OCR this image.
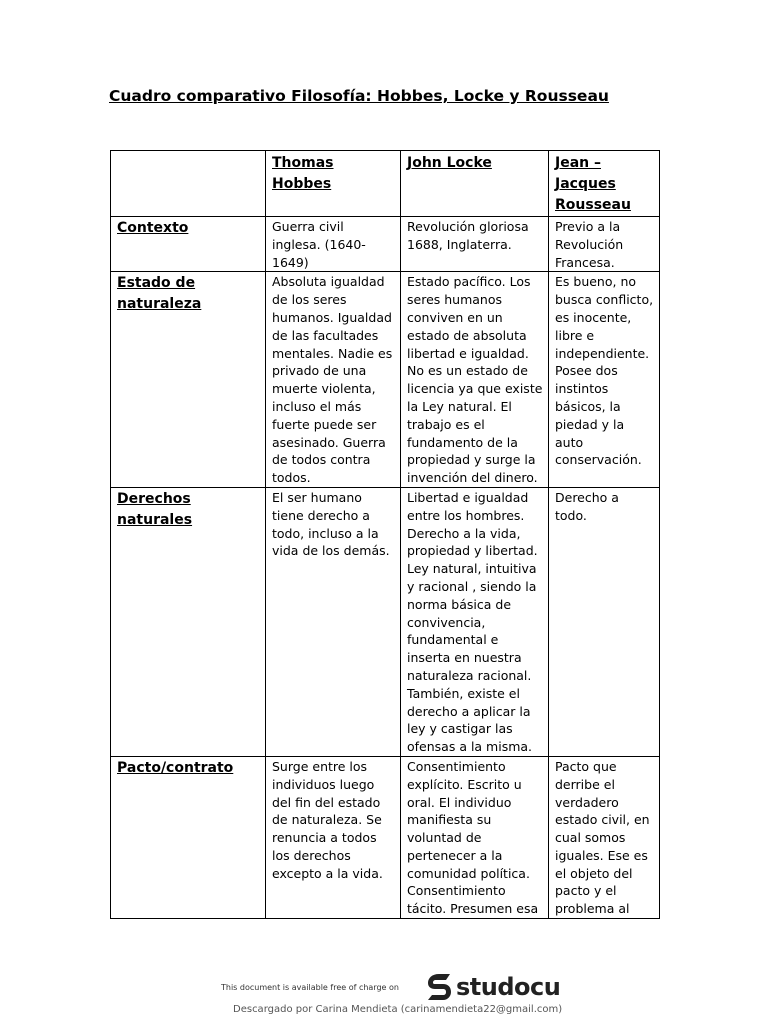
Cuadro comparativo Filosofía: Hobbes, Locke y Rousseau
	Thomas Hobbes	John Locke	Jean – Jacques Rousseau
Contexto	Guerra civil inglesa. (1640-1649)	Revolución gloriosa 1688, Inglaterra.	Previo a la Revolución Francesa.
Estado de naturaleza	Absoluta igualdad de los seres humanos. Igualdad de las facultades mentales. Nadie es privado de una muerte violenta, incluso el más fuerte puede ser asesinado. Guerra de todos contra todos.	Estado pacífico. Los seres humanos conviven en un estado de absoluta libertad e igualdad. No es un estado de licencia ya que existe la Ley natural. El trabajo es el fundamento de la propiedad y surge la invención del dinero.	Es bueno, no busca conflicto, es inocente, libre e independiente. Posee dos instintos básicos, la piedad y la auto conservación.
Derechos naturales	El ser humano tiene derecho a todo, incluso a la vida de los demás.	Libertad e igualdad entre los hombres. Derecho a la vida, propiedad y libertad. Ley natural, intuitiva y racional , siendo la norma básica de convivencia, fundamental e inserta en nuestra naturaleza racional. También, existe el derecho a aplicar la ley y castigar las ofensas a la misma.	Derecho a todo.
Pacto/contrato	Surge entre los individuos luego del fin del estado de naturaleza. Se renuncia a todos los derechos excepto a la vida.	Consentimiento explícito. Escrito u oral. El individuo manifiesta su voluntad de pertenecer a la comunidad política. Consentimiento tácito. Presumen esa	Pacto que derribe el verdadero estado civil, en cual somos iguales. Ese es el objeto del pacto y el problema al
This document is available free of charge on studocu
Descargado por Carina Mendieta (carinamendieta22@gmail.com)
